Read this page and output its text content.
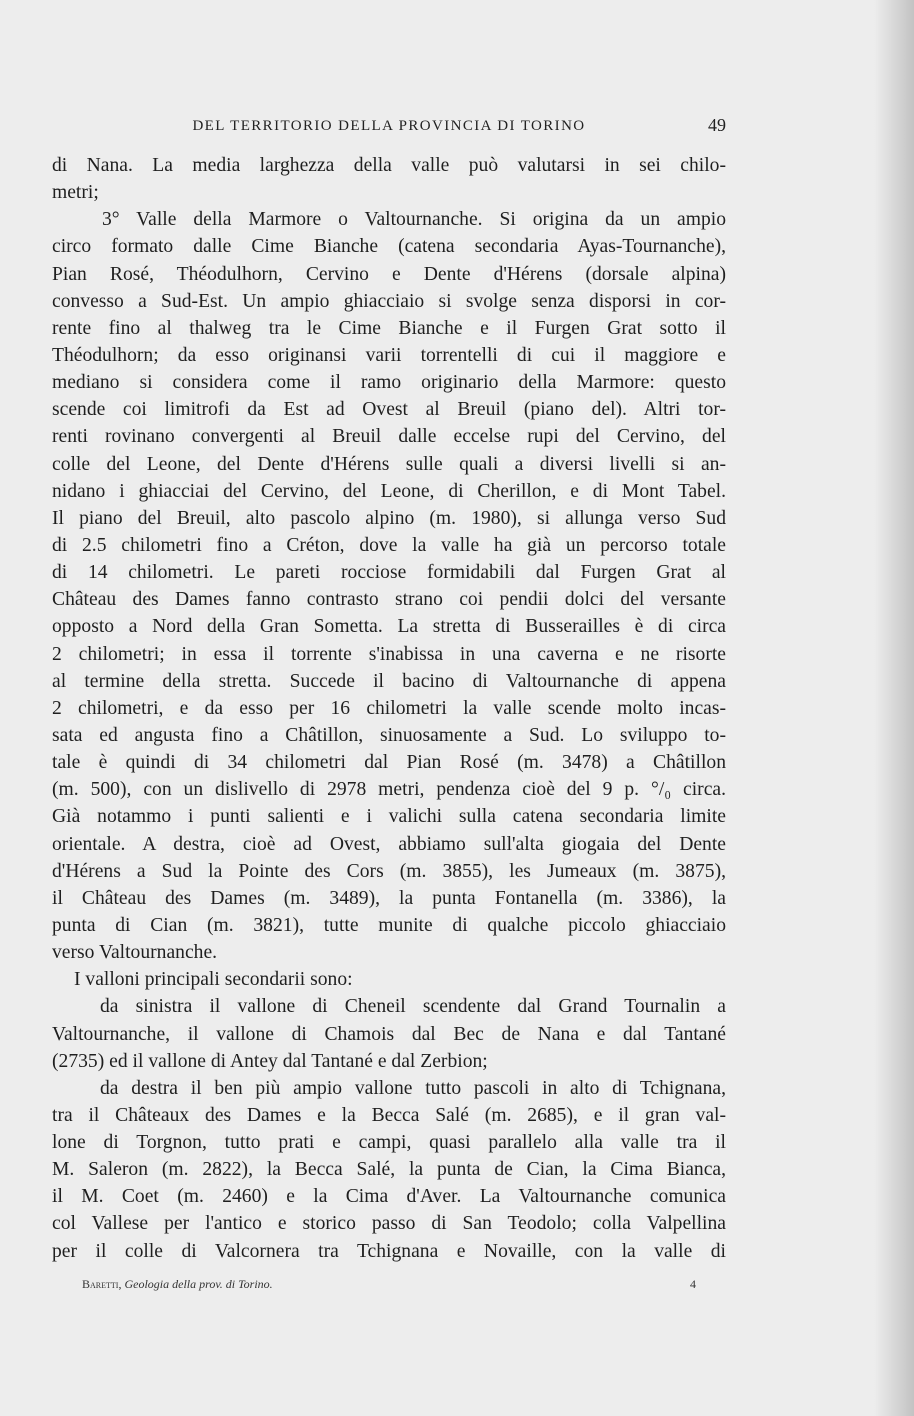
DEL TERRITORIO DELLA PROVINCIA DI TORINO	49
di Nana. La media larghezza della valle può valutarsi in sei chilo-
metri;
3° Valle della Marmore o Valtournanche. Si origina da un ampio
circo formato dalle Cime Bianche (catena secondaria Ayas-Tournanche),
Pian Rosé, Théodulhorn, Cervino e Dente d'Hérens (dorsale alpina)
convesso a Sud-Est. Un ampio ghiacciaio si svolge senza disporsi in cor-
rente fino al thalweg tra le Cime Bianche e il Furgen Grat sotto il
Théodulhorn; da esso originansi varii torrentelli di cui il maggiore e
mediano si considera come il ramo originario della Marmore: questo
scende coi limitrofi da Est ad Ovest al Breuil (piano del). Altri tor-
renti rovinano convergenti al Breuil dalle eccelse rupi del Cervino, del
colle del Leone, del Dente d'Hérens sulle quali a diversi livelli si an-
nidano i ghiacciai del Cervino, del Leone, di Cherillon, e di Mont Tabel.
Il piano del Breuil, alto pascolo alpino (m. 1980), si allunga verso Sud
di 2.5 chilometri fino a Créton, dove la valle ha già un percorso totale
di 14 chilometri. Le pareti rocciose formidabili dal Furgen Grat al
Château des Dames fanno contrasto strano coi pendii dolci del versante
opposto a Nord della Gran Sometta. La stretta di Busserailles è di circa
2 chilometri; in essa il torrente s'inabissa in una caverna e ne risorte
al termine della stretta. Succede il bacino di Valtournanche di appena
2 chilometri, e da esso per 16 chilometri la valle scende molto incas-
sata ed angusta fino a Châtillon, sinuosamente a Sud. Lo sviluppo to-
tale è quindi di 34 chilometri dal Pian Rosé (m. 3478) a Châtillon
(m. 500), con un dislivello di 2978 metri, pendenza cioè del 9 p. °/₀ circa.
Già notammo i punti salienti e i valichi sulla catena secondaria limite
orientale. A destra, cioè ad Ovest, abbiamo sull'alta giogaia del Dente
d'Hérens a Sud la Pointe des Cors (m. 3855), les Jumeaux (m. 3875),
il Château des Dames (m. 3489), la punta Fontanella (m. 3386), la
punta di Cian (m. 3821), tutte munite di qualche piccolo ghiacciaio
verso Valtournanche.
I valloni principali secondarii sono:
da sinistra il vallone di Cheneil scendente dal Grand Tournalin a
Valtournanche, il vallone di Chamois dal Bec de Nana e dal Tantané
(2735) ed il vallone di Antey dal Tantané e dal Zerbion;
da destra il ben più ampio vallone tutto pascoli in alto di Tchignana,
tra il Châteaux des Dames e la Becca Salé (m. 2685), e il gran val-
lone di Torgnon, tutto prati e campi, quasi parallelo alla valle tra il
M. Saleron (m. 2822), la Becca Salé, la punta de Cian, la Cima Bianca,
il M. Coet (m. 2460) e la Cima d'Aver. La Valtournanche comunica
col Vallese per l'antico e storico passo di San Teodolo; colla Valpellina
per il colle di Valcornera tra Tchignana e Novaille, con la valle di
Baretti, Geologia della prov. di Torino.	4
